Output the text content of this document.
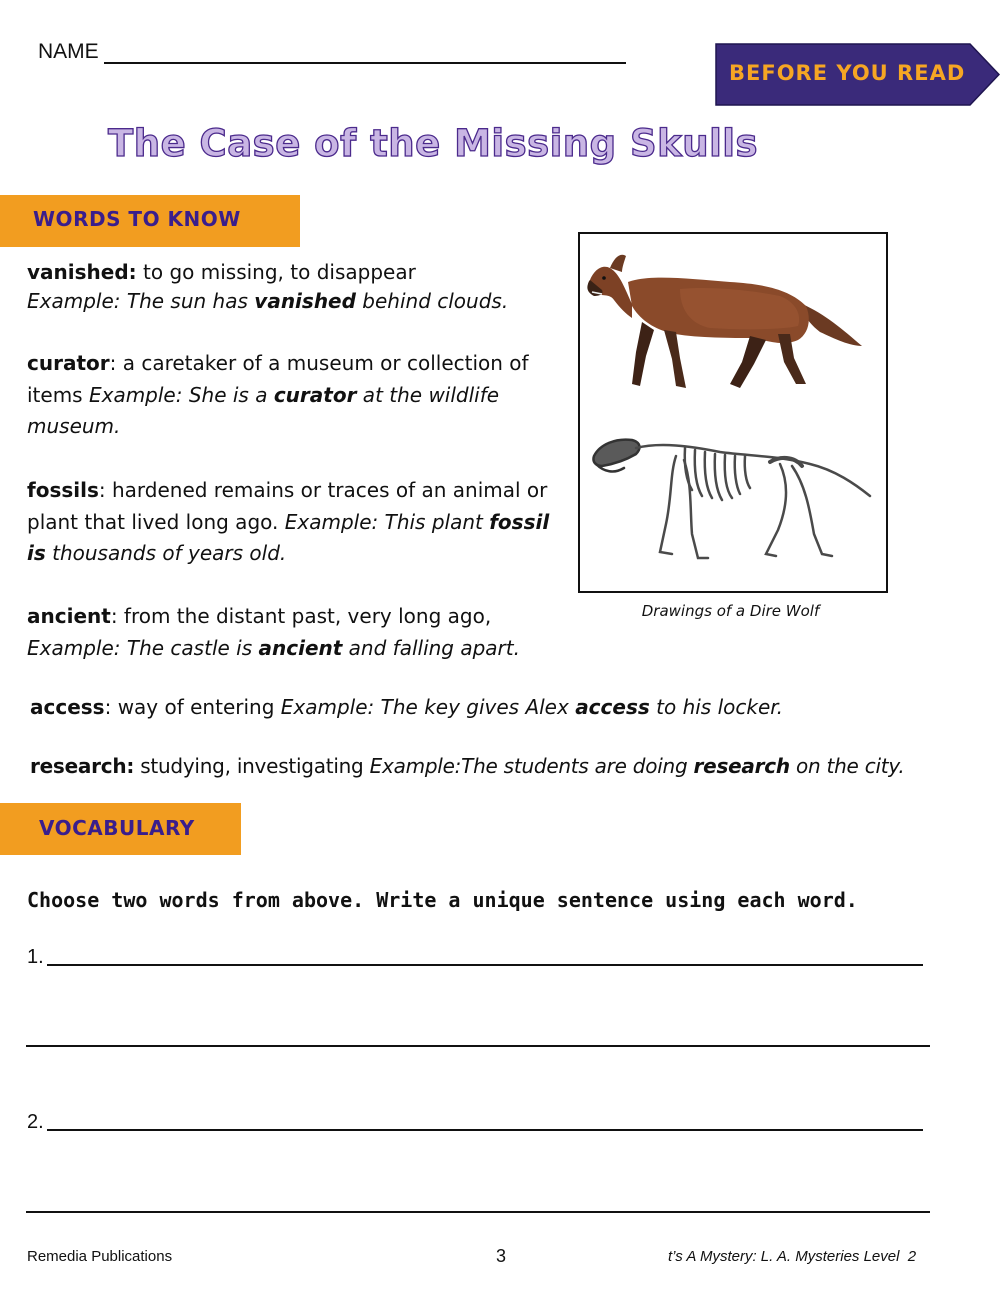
NAME
BEFORE YOU READ
The Case of the Missing Skulls
WORDS TO KNOW
vanished: to go missing, to disappear
Example: The sun has vanished behind clouds.
curator: a caretaker of a museum or collection of items Example: She is a curator at the wildlife museum.
fossils: hardened remains or traces of an animal or plant that lived long ago. Example: This plant fossil is thousands of years old.
ancient: from the distant past, very long ago,
Example: The castle is ancient and falling apart.
access: way of entering Example: The key gives Alex access to his locker.
research: studying, investigating Example:The students are doing research on the city.
Drawings of a Dire Wolf
VOCABULARY
Choose two words from above. Write a unique sentence using each word.
1.
2.
Remedia Publications	3	t’s A Mystery: L. A. Mysteries Level  2
